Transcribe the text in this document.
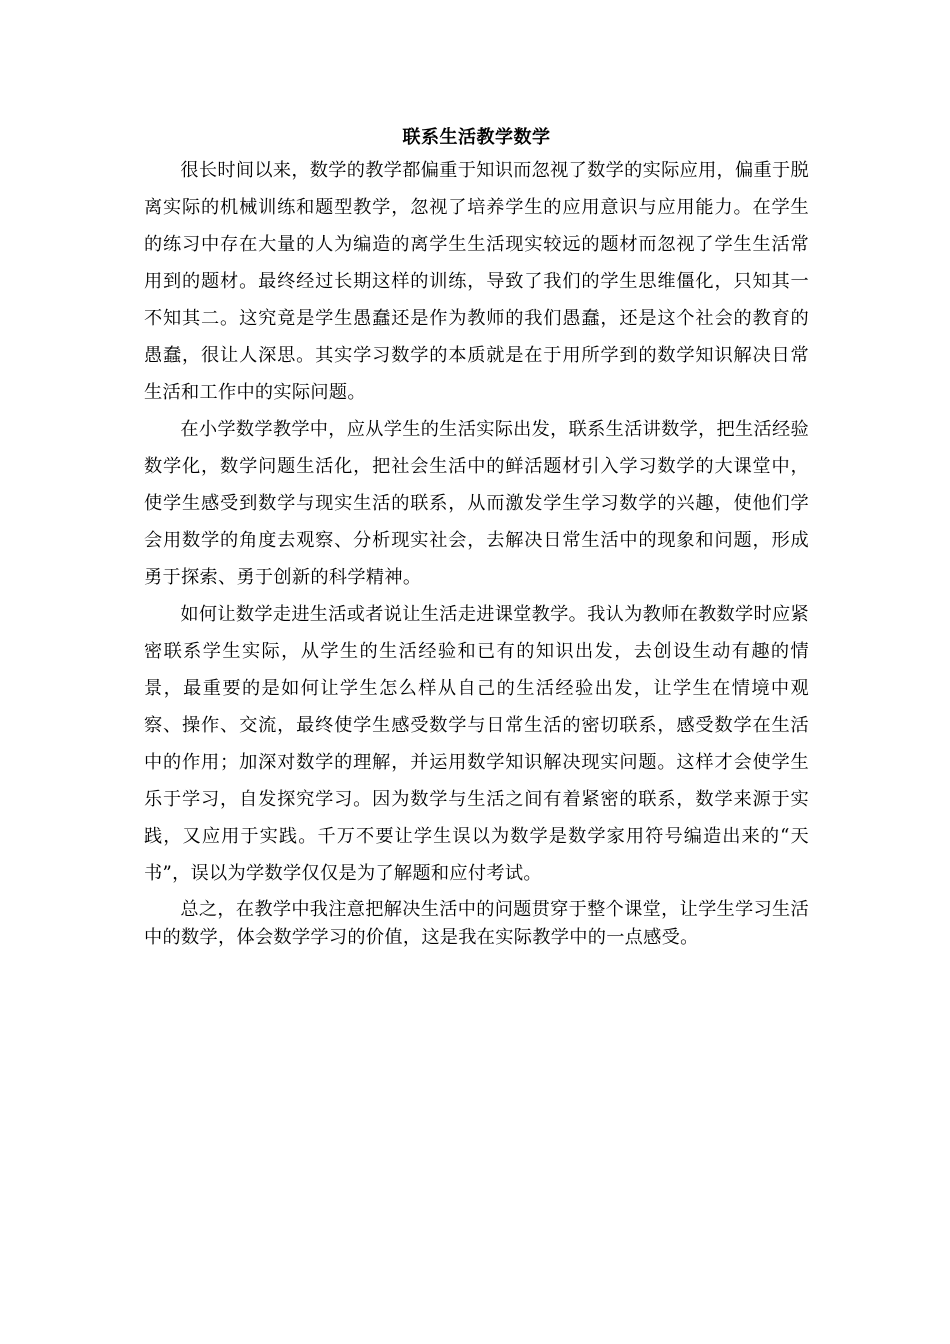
联系生活教学数学

很长时间以来，数学的教学都偏重于知识而忽视了数学的实际应用，偏重于脱离实际的机械训练和题型教学，忽视了培养学生的应用意识与应用能力。在学生的练习中存在大量的人为编造的离学生生活现实较远的题材而忽视了学生生活常用到的题材。最终经过长期这样的训练，导致了我们的学生思维僵化，只知其一不知其二。这究竟是学生愚蠢还是作为教师的我们愚蠢，还是这个社会的教育的愚蠢，很让人深思。其实学习数学的本质就是在于用所学到的数学知识解决日常生活和工作中的实际问题。

在小学数学教学中，应从学生的生活实际出发，联系生活讲数学，把生活经验数学化，数学问题生活化，把社会生活中的鲜活题材引入学习数学的大课堂中，使学生感受到数学与现实生活的联系，从而激发学生学习数学的兴趣，使他们学会用数学的角度去观察、分析现实社会，去解决日常生活中的现象和问题，形成勇于探索、勇于创新的科学精神。

如何让数学走进生活或者说让生活走进课堂教学。我认为教师在教数学时应紧密联系学生实际，从学生的生活经验和已有的知识出发，去创设生动有趣的情景，最重要的是如何让学生怎么样从自己的生活经验出发，让学生在情境中观察、操作、交流，最终使学生感受数学与日常生活的密切联系，感受数学在生活中的作用；加深对数学的理解，并运用数学知识解决现实问题。这样才会使学生乐于学习，自发探究学习。因为数学与生活之间有着紧密的联系，数学来源于实践，又应用于实践。千万不要让学生误以为数学是数学家用符号编造出来的“天书”，误以为学数学仅仅是为了解题和应付考试。

总之，在教学中我注意把解决生活中的问题贯穿于整个课堂，让学生学习生活中的数学，体会数学学习的价值，这是我在实际教学中的一点感受。
